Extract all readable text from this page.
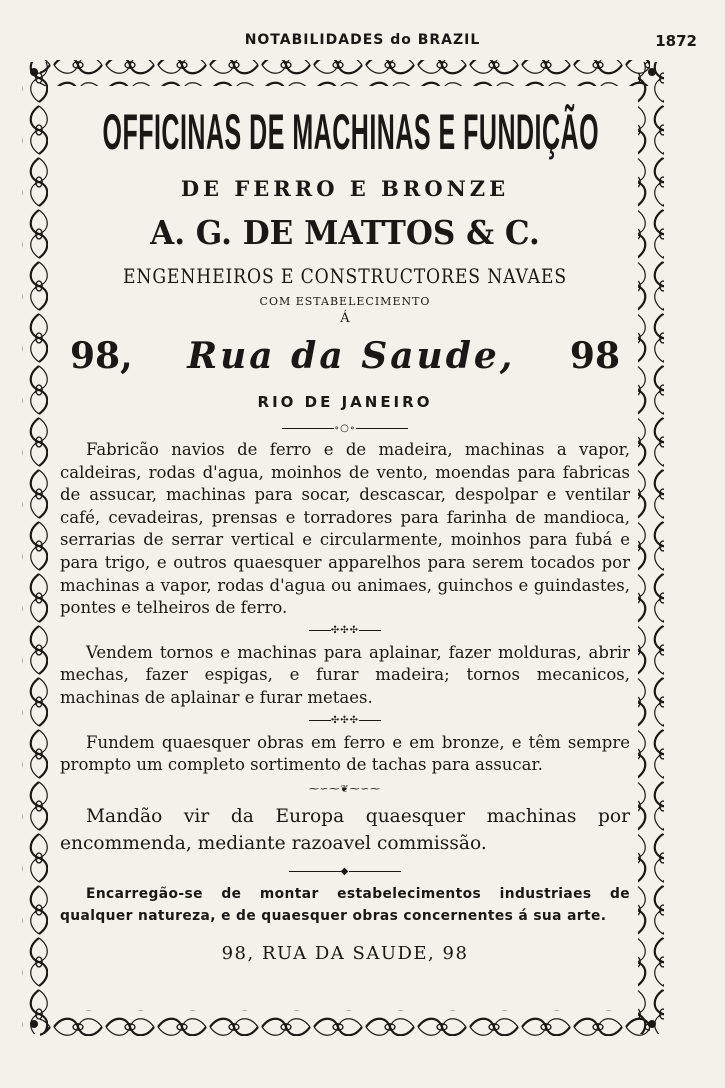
NOTABILIDADES do BRAZIL	1872
OFFICINAS DE MACHINAS E FUNDIÇÃO
DE FERRO E BRONZE
A. G. DE MATTOS & C.
ENGENHEIROS E CONSTRUCTORES NAVAES
COM ESTABELECIMENTO
Á
98, Rua da Saude, 98
RIO DE JANEIRO
∘○∘

Fabricão navios de ferro e de madeira, machinas a vapor, caldeiras, rodas d'agua, moinhos de vento, moendas para fabricas de assucar, machinas para socar, descascar, despolpar e ventilar café, cevadeiras, prensas e torradores para farinha de mandioca, serrarias de serrar vertical e circularmente, moinhos para fubá e para trigo, e outros quaesquer apparelhos para serem tocados por machinas a vapor, rodas d'agua ou animaes, guinchos e guindastes, pontes e telheiros de ferro.

✣✣✣

Vendem tornos e machinas para aplainar, fazer molduras, abrir mechas, fazer espigas, e furar madeira; tornos mecanicos, machinas de aplainar e furar metaes.

✣✣✣

Fundem quaesquer obras em ferro e em bronze, e têm sempre prompto um completo sortimento de tachas para assucar.

⁓∽⁓❦⁓∽⁓

Mandão vir da Europa quaesquer machinas por encommenda, mediante razoavel commissão.

◆

Encarregão-se de montar estabelecimentos industriaes de qualquer natureza, e de quaesquer obras concernentes á sua arte.

98, RUA DA SAUDE, 98
